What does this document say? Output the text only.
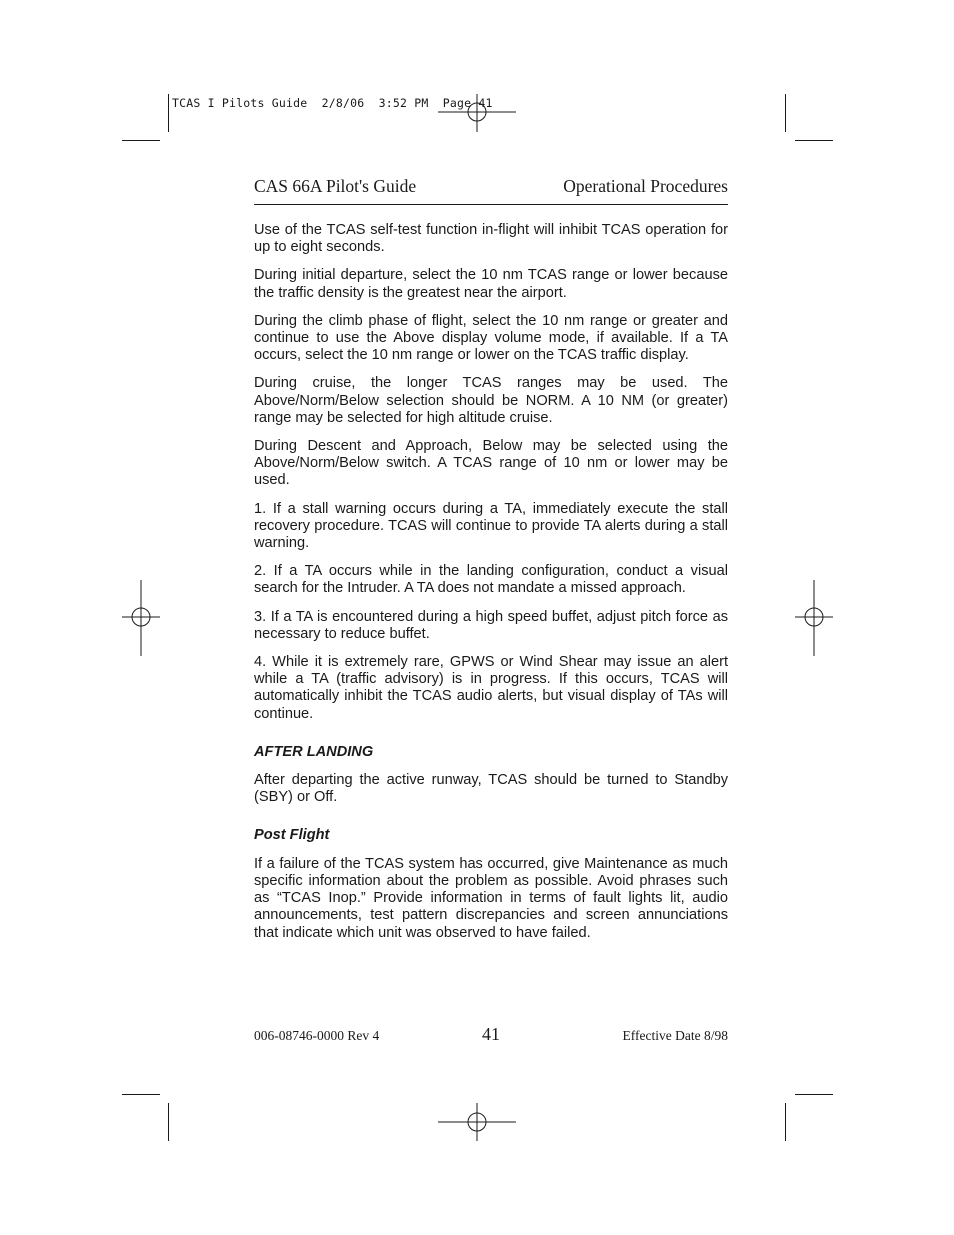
TCAS I Pilots Guide  2/8/06  3:52 PM  Page 41
CAS 66A Pilot's Guide	Operational Procedures

Use of the TCAS self-test function in-flight will inhibit TCAS operation for up to eight seconds.

During initial departure, select the 10 nm TCAS range or lower because the traffic density is the greatest near the airport.

During the climb phase of flight, select the 10 nm range or greater and continue to use the Above display volume mode, if available. If a TA occurs, select the 10 nm range or lower on the TCAS traffic display.

During cruise, the longer TCAS ranges may be used. The Above/Norm/Below selection should be NORM. A 10 NM (or greater) range may be selected for high altitude cruise.

During Descent and Approach, Below may be selected using the Above/Norm/Below switch. A TCAS range of 10 nm or lower may be used.

1. If a stall warning occurs during a TA, immediately execute the stall recovery procedure. TCAS will continue to provide TA alerts during a stall warning.

2. If a TA occurs while in the landing configuration, conduct a visual search for the Intruder. A TA does not mandate a missed approach.

3. If a TA is encountered during a high speed buffet, adjust pitch force as necessary to reduce buffet.

4. While it is extremely rare, GPWS or Wind Shear may issue an alert while a TA (traffic advisory) is in progress. If this occurs, TCAS will automatically inhibit the TCAS audio alerts, but visual display of TAs will continue.

AFTER LANDING

After departing the active runway, TCAS should be turned to Standby (SBY) or Off.

Post Flight

If a failure of the TCAS system has occurred, give Maintenance as much specific information about the problem as possible. Avoid phrases such as “TCAS Inop.” Provide information in terms of fault lights lit, audio announcements, test pattern discrepancies and screen annunciations that indicate which unit was observed to have failed.

006-08746-0000 Rev 4	41	Effective Date 8/98
